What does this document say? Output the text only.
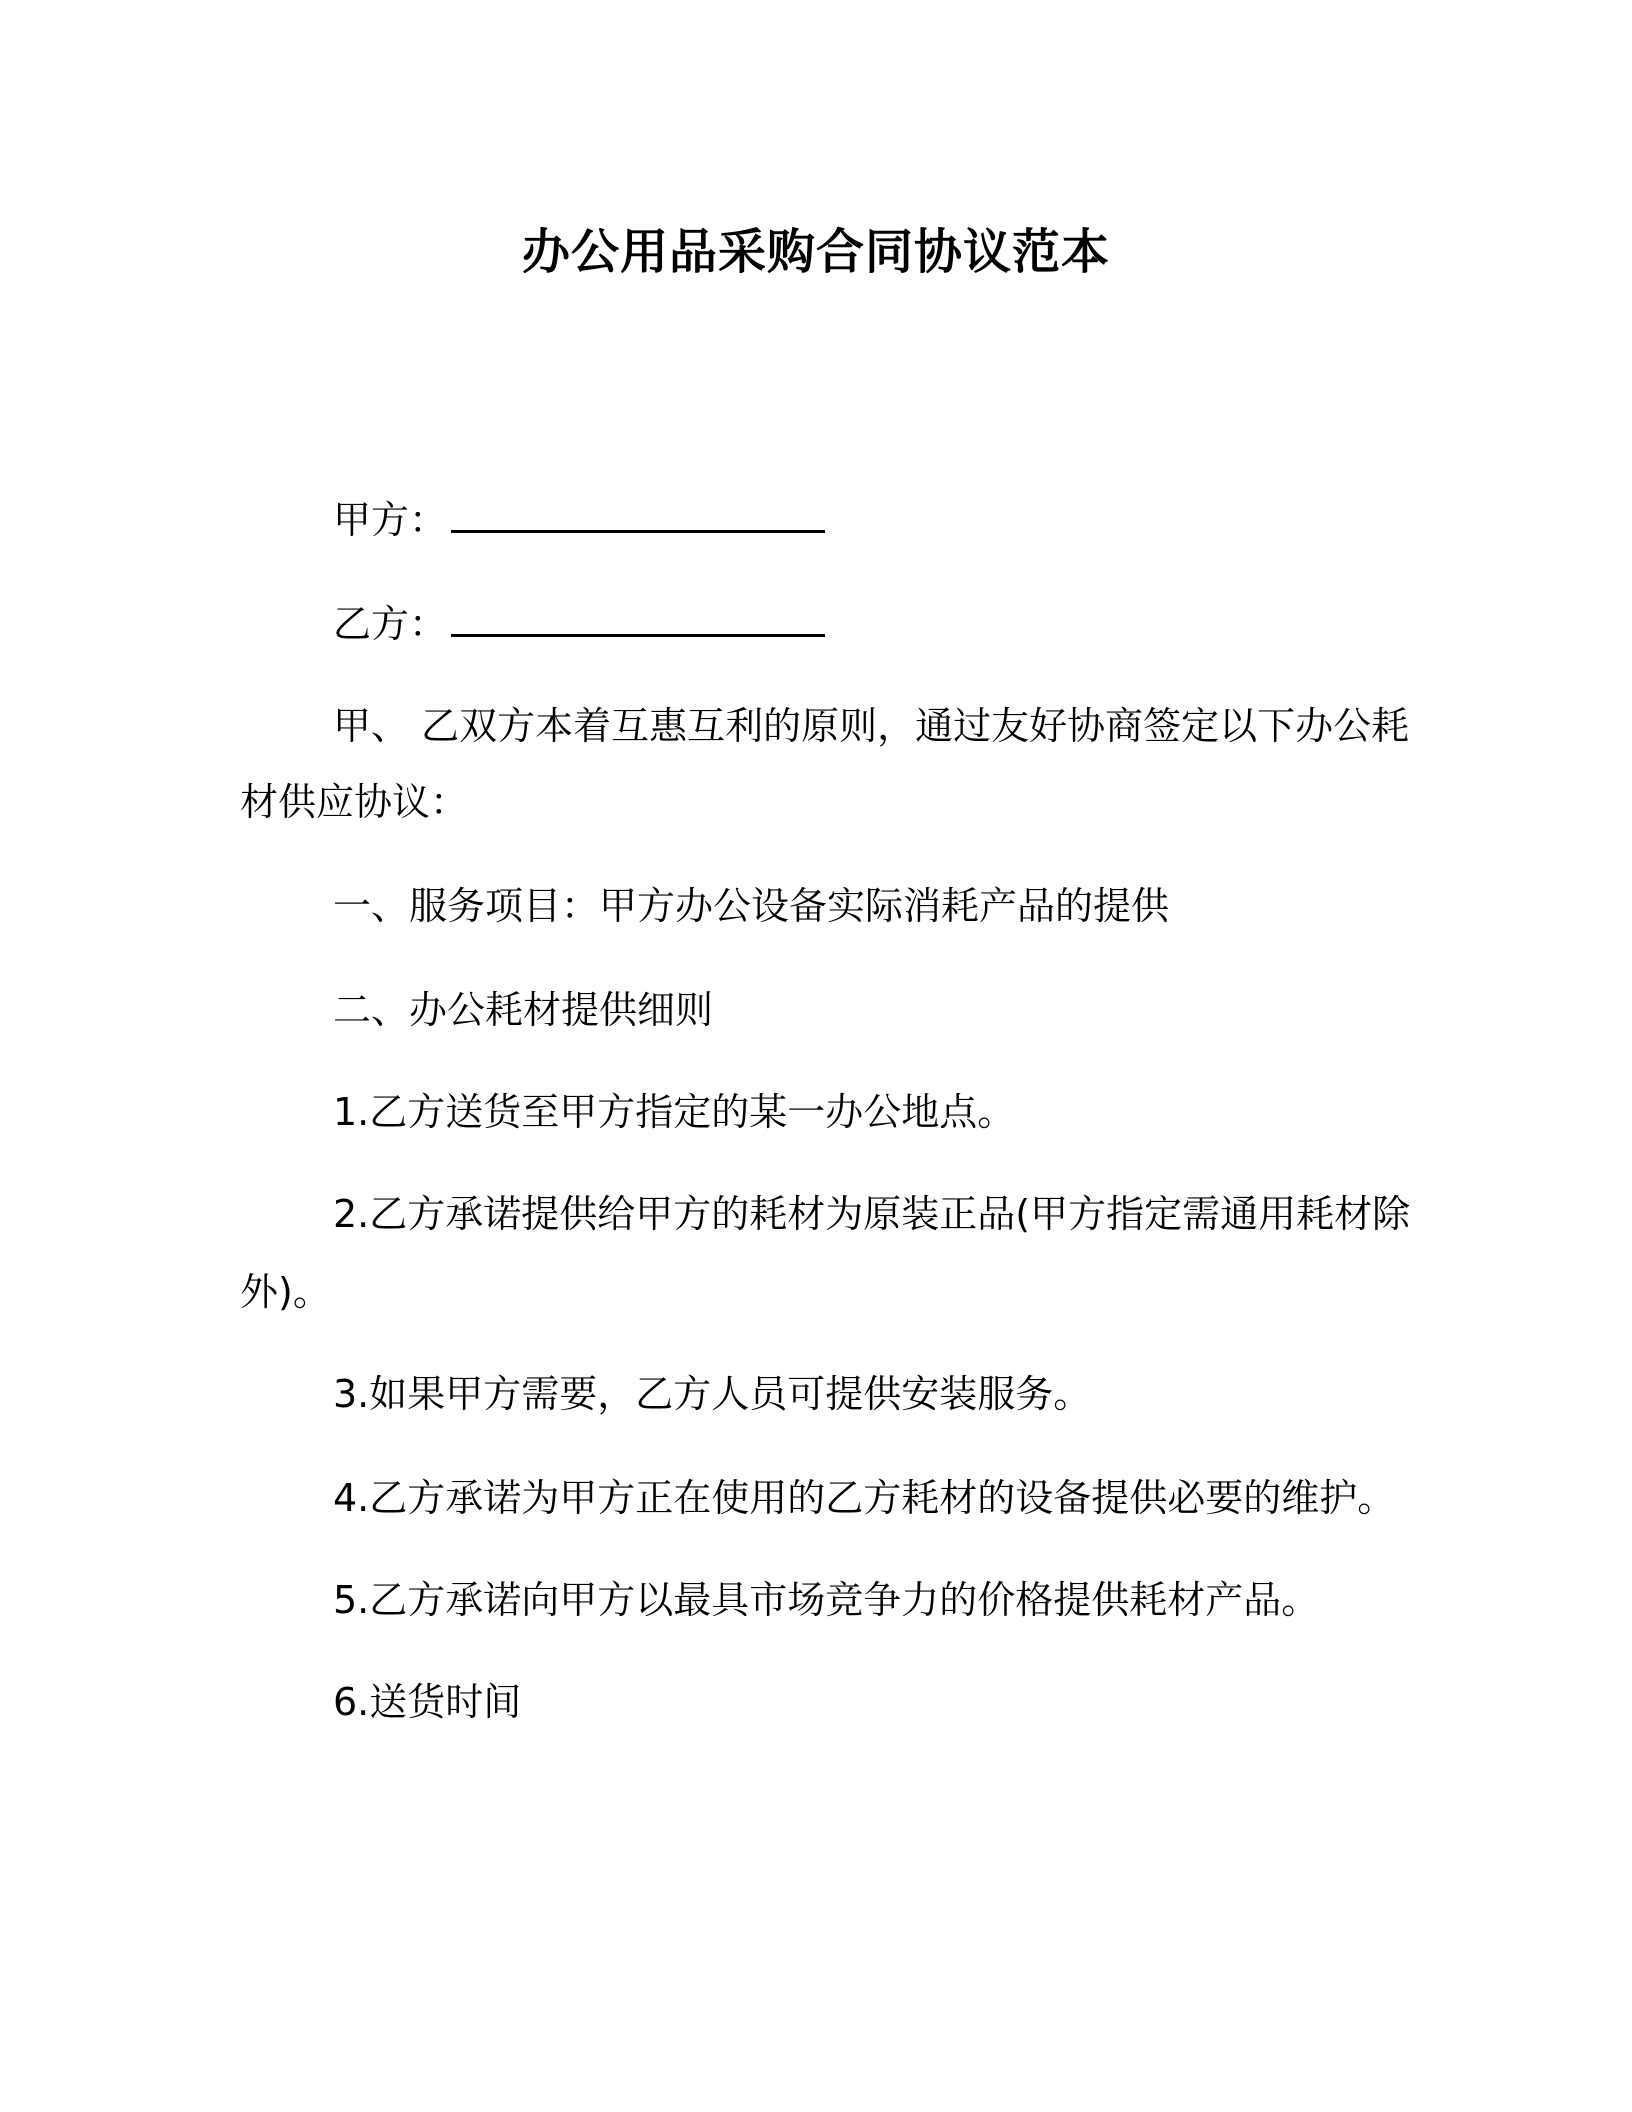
办公用品采购合同协议范本
甲方：
乙方：
甲、 乙双方本着互惠互利的原则，通过友好协商签定以下办公耗
材供应协议：
一、服务项目：甲方办公设备实际消耗产品的提供
二、办公耗材提供细则
1.乙方送货至甲方指定的某一办公地点。
2.乙方承诺提供给甲方的耗材为原装正品(甲方指定需通用耗材除
外)。
3.如果甲方需要，乙方人员可提供安装服务。
4.乙方承诺为甲方正在使用的乙方耗材的设备提供必要的维护。
5.乙方承诺向甲方以最具市场竞争力的价格提供耗材产品。
6.送货时间
